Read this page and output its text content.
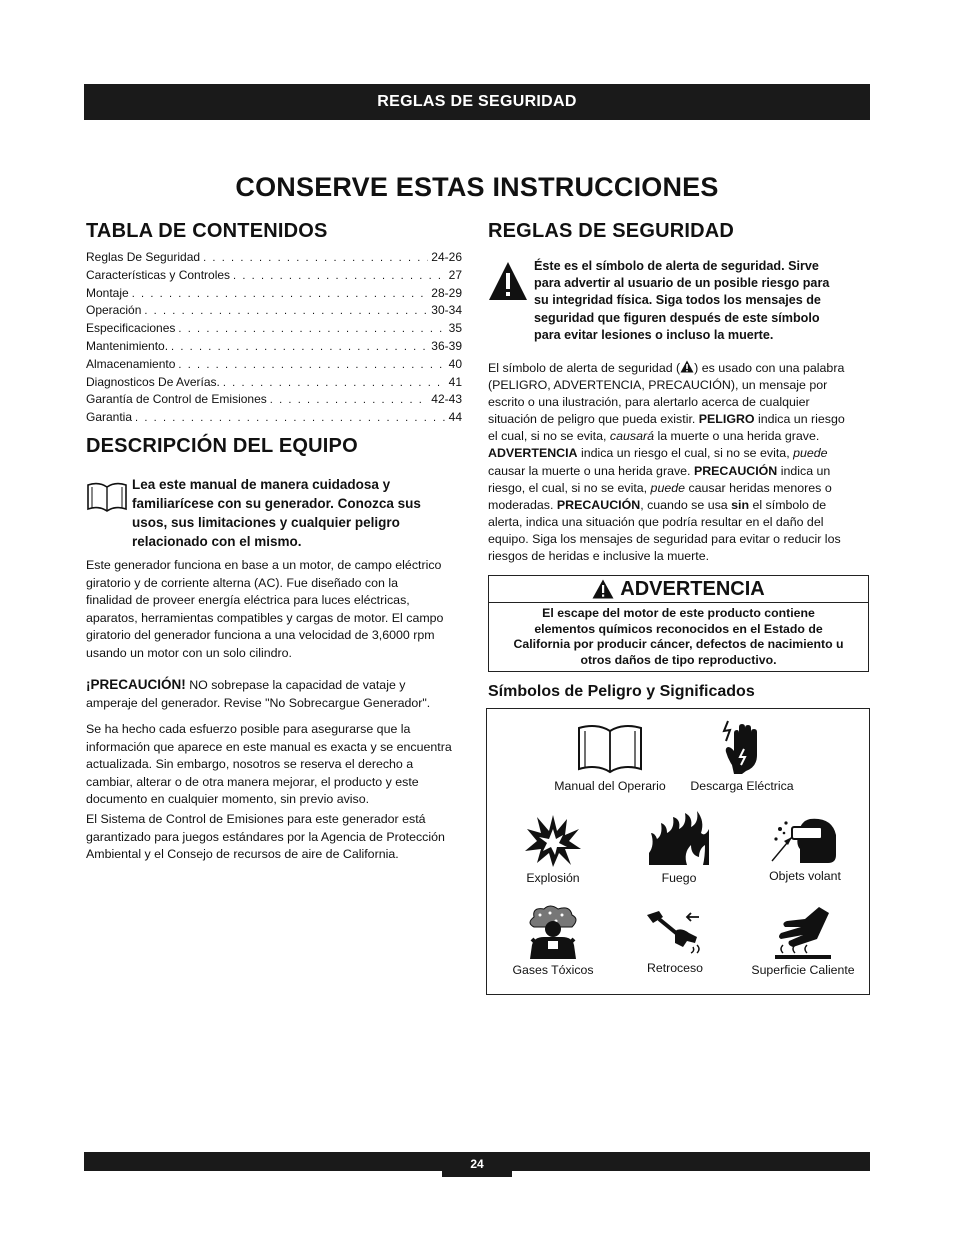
REGLAS DE SEGURIDAD
CONSERVE ESTAS INSTRUCCIONES
TABLA DE CONTENIDOS
Reglas De Seguridad . . .	24-26
Características y Controles . . .	27
Montaje . . .	28-29
Operación . . .	30-34
Especificaciones . . .	35
Mantenimiento. . . .	36-39
Almacenamiento . . .	40
Diagnosticos De Averías. . . .	41
Garantía de Control de Emisiones . . .	42-43
Garantia . . .	44
DESCRIPCIÓN DEL EQUIPO
Lea este manual de manera cuidadosa y
familiarícese con su generador. Conozca sus
usos, sus limitaciones y cualquier peligro
relacionado con el mismo.
Este generador funciona en base a un motor, de campo eléctrico
giratorio y de corriente alterna (AC). Fue diseñado con la
finalidad de proveer energía eléctrica para luces eléctricas,
aparatos, herramientas compatibles y cargas de motor. El campo
giratorio del generador funciona a una velocidad de 3,6000 rpm
usando un motor con un solo cilindro.
¡PRECAUCIÓN! NO sobrepase la capacidad de vataje y
amperaje del generador. Revise "No Sobrecargue Generador".
Se ha hecho cada esfuerzo posible para asegurarse que la
información que aparece en este manual es exacta y se encuentra
actualizada. Sin embargo, nosotros se reserva el derecho a
cambiar, alterar o de otra manera mejorar, el producto y este
documento en cualquier momento, sin previo aviso.
El Sistema de Control de Emisiones para este generador está
garantizado para juegos estándares por la Agencia de Protección
Ambiental y el Consejo de recursos de aire de California.
REGLAS DE SEGURIDAD
Éste es el símbolo de alerta de seguridad. Sirve
para advertir al usuario de un posible riesgo para
su integridad física. Siga todos los mensajes de
seguridad que figuren después de este símbolo
para evitar lesiones o incluso la muerte.
El símbolo de alerta de seguridad ( ) es usado con una palabra
(PELIGRO, ADVERTENCIA, PRECAUCIÓN), un mensaje por
escrito o una ilustración, para alertarlo acerca de cualquier
situación de peligro que pueda existir. PELIGRO indica un riesgo
el cual, si no se evita, causará la muerte o una herida grave.
ADVERTENCIA indica un riesgo el cual, si no se evita, puede
causar la muerte o una herida grave. PRECAUCIÓN indica un
riesgo, el cual, si no se evita, puede causar heridas menores o
moderadas. PRECAUCIÓN, cuando se usa sin el símbolo de
alerta, indica una situación que podría resultar en el daño del
equipo. Siga los mensajes de seguridad para evitar o reducir los
riesgos de heridas e inclusive la muerte.
ADVERTENCIA
El escape del motor de este producto contiene
elementos químicos reconocidos en el Estado de
California por producir cáncer, defectos de nacimiento u
otros daños de tipo reproductivo.
Símbolos de Peligro y Significados
Manual del Operario	Descarga Eléctrica
Explosión	Fuego	Objets volant
Gases Tóxicos	Retroceso	Superficie Caliente
24
